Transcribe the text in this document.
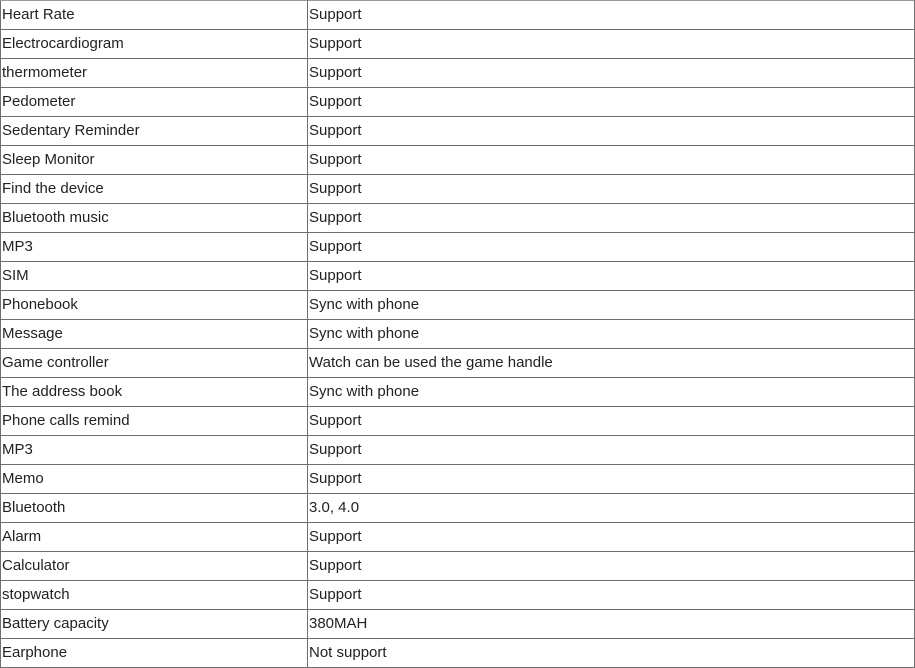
Heart Rate	Support
Electrocardiogram	Support
thermometer	Support
Pedometer	Support
Sedentary Reminder	Support
Sleep Monitor	Support
Find the device	Support
Bluetooth music	Support
MP3	Support
SIM	Support
Phonebook	Sync with phone
Message	Sync with phone
Game controller	Watch can be used the game handle
The address book	Sync with phone
Phone calls remind	Support
MP3	Support
Memo	Support
Bluetooth	3.0, 4.0
Alarm	Support
Calculator	Support
stopwatch	Support
Battery capacity	380MAH
Earphone	Not support
